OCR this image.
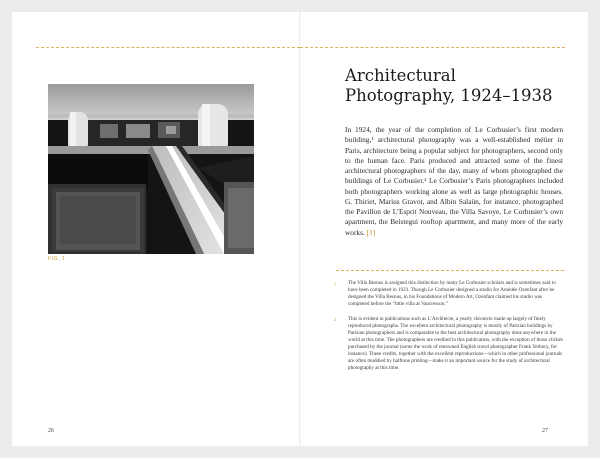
FIG. 1
Architectural
Photography, 1924–1938
In 1924, the year of the completion of Le Corbusier’s first modern building,¹ architectural photography was a well-established métier in Paris, architecture being a popular subject for photographers, second only to the human face. Paris produced and attracted some of the finest architectural photographers of the day, many of whom photographed the buildings of Le Corbusier.² Le Corbusier’s Paris photographers included both photographers working alone as well as large photographic houses. G. Thiriet, Marius Gravot, and Albin Salaün, for instance, photographed the Pavillon de L’Esprit Nouveau, the Villa Savoye, Le Corbusier’s own apartment, the Beistegui rooftop apartment, and many more of the early works. [1]
1	The Villa Besnus is assigned this distinction by many Le Corbusier scholars and is sometimes said to have been completed in 1923. Though Le Corbusier designed a studio for Amédée Ozenfant after he designed the Villa Besnus, in his Foundations of Modern Art, Ozenfant claimed his studio was completed before the “little villa at Vaucresson.”
2	This is evident in publications such as L’Architecte, a yearly chronicle made up largely of finely reproduced photographs. The excellent architectural photography is mostly of Parisian buildings by Parisian photographers and is comparable to the best architectural photography done anywhere in the world at this time. The photographers are credited in this publication, with the exception of those clichés purchased by the journal (some the work of renowned English travel photographer Frank Yerbury, for instance). These credits, together with the excellent reproductions—which in other professional journals are often muddied by halftone printing—make it an important source for the study of architectural photography at this time.
26	27
